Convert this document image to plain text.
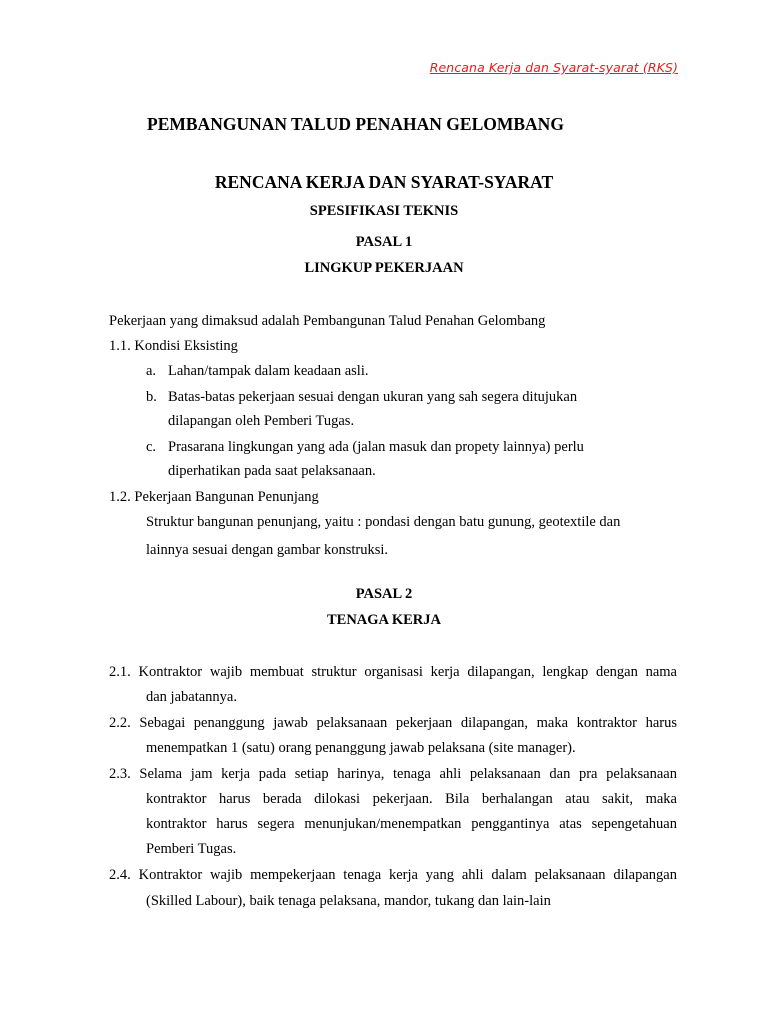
Rencana Kerja dan Syarat-syarat (RKS)
PEMBANGUNAN TALUD PENAHAN GELOMBANG
RENCANA KERJA DAN SYARAT-SYARAT
SPESIFIKASI TEKNIS
PASAL 1
LINGKUP PEKERJAAN
Pekerjaan yang dimaksud adalah Pembangunan Talud Penahan Gelombang
1.1. Kondisi Eksisting
a. Lahan/tampak dalam keadaan asli.
b. Batas-batas pekerjaan sesuai dengan ukuran yang sah segera ditujukan
dilapangan oleh Pemberi Tugas.
c. Prasarana lingkungan yang ada (jalan masuk dan propety lainnya) perlu
diperhatikan pada saat pelaksanaan.
1.2. Pekerjaan Bangunan Penunjang
Struktur bangunan penunjang, yaitu : pondasi dengan batu gunung, geotextile dan
lainnya sesuai dengan gambar konstruksi.
PASAL 2
TENAGA KERJA
2.1. Kontraktor wajib membuat struktur organisasi kerja dilapangan, lengkap dengan nama
dan jabatannya.
2.2. Sebagai penanggung jawab pelaksanaan pekerjaan dilapangan, maka kontraktor harus
menempatkan 1 (satu) orang penanggung jawab pelaksana (site manager).
2.3. Selama jam kerja pada setiap harinya, tenaga ahli pelaksanaan dan pra pelaksanaan
kontraktor harus berada dilokasi pekerjaan. Bila berhalangan atau sakit, maka
kontraktor harus segera menunjukan/menempatkan penggantinya atas sepengetahuan
Pemberi Tugas.
2.4. Kontraktor wajib mempekerjaan tenaga kerja yang ahli dalam pelaksanaan dilapangan
(Skilled Labour), baik tenaga pelaksana, mandor, tukang dan lain-lain
